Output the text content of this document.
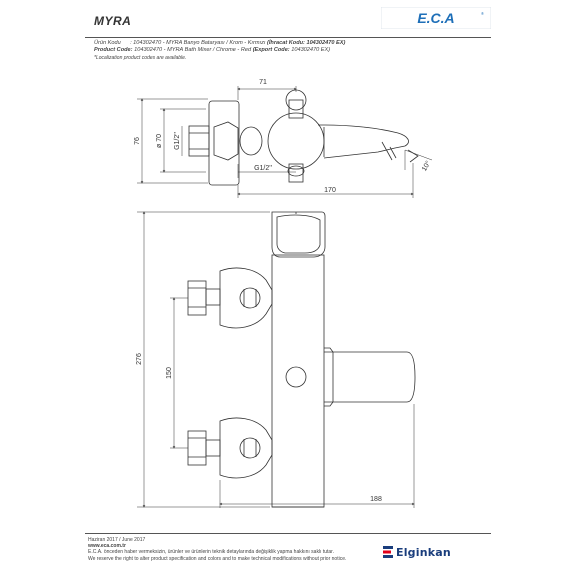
MYRA	E.C.A	®
Ürün Kodu : 104302470 - MYRA Banyo Bataryası / Krom - Kırmızı (İhracat Kodu: 104302470 EX)
Product Code: 104302470 - MYRA Bath Mixer / Chrome - Red (Export Code: 104302470 EX)
*Localization product codes are available.
71
76 ø 70 G1/2''
G1/2''
170
10°
276
150
188
Haziran 2017 / June 2017
www.eca.com.tr
E.C.A. önceden haber vermeksizin, ürünler ve ürünlerin teknik detaylarında değişiklik yapma hakkını saklı tutar.
We reserve the right to alter product specification and colors and to make technical modifications without prior notice.
Elginkan
